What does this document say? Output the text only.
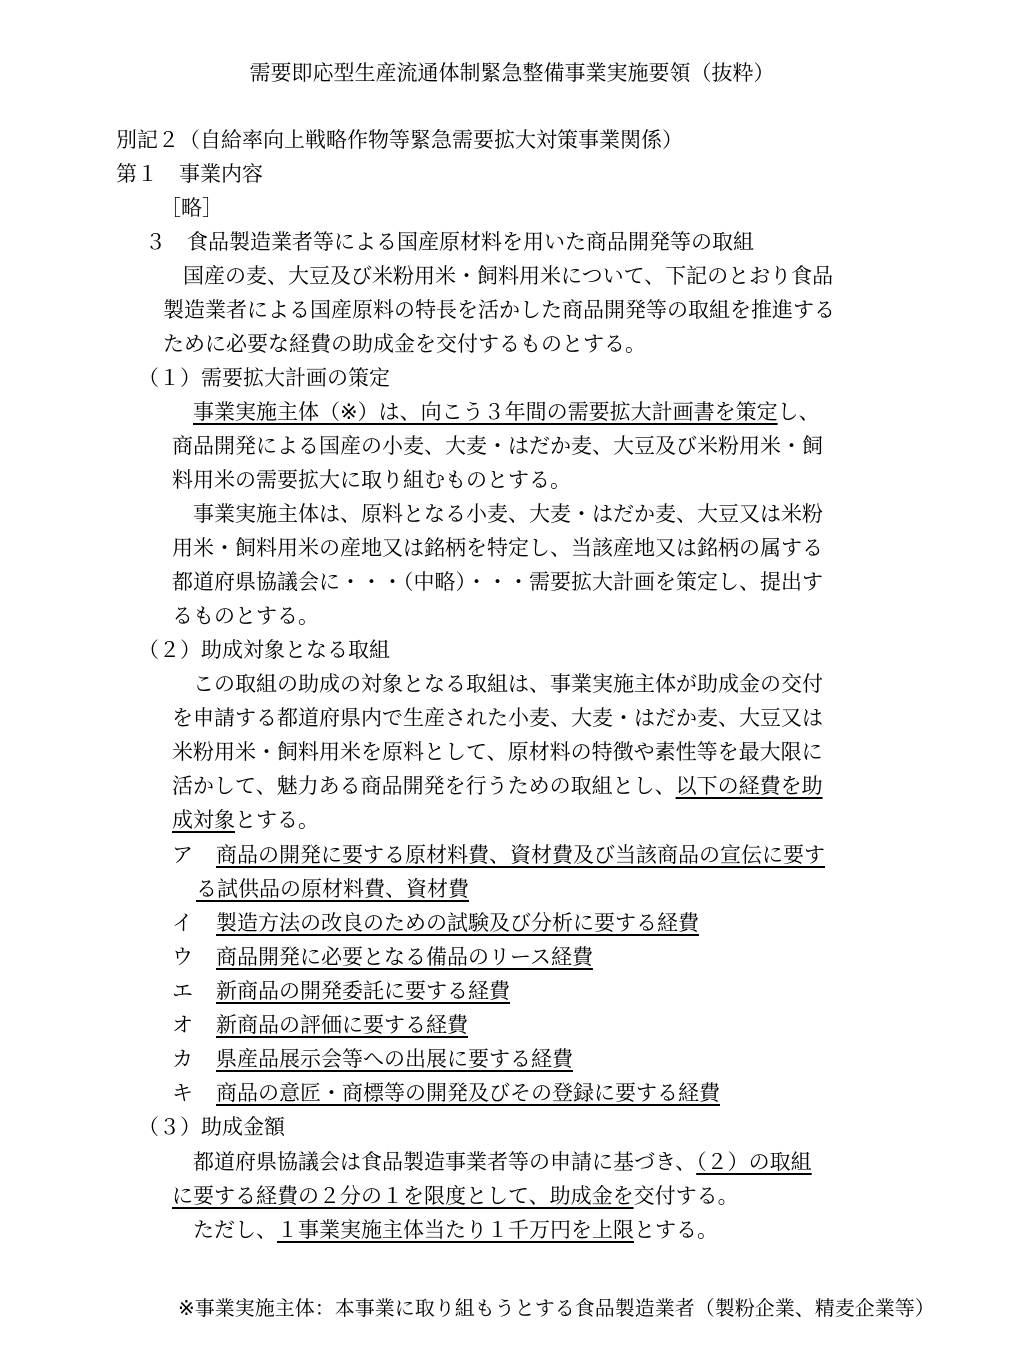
需要即応型生産流通体制緊急整備事業実施要領（抜粋）
別記２（自給率向上戦略作物等緊急需要拡大対策事業関係）
第１　事業内容
［略］
３　食品製造業者等による国産原材料を用いた商品開発等の取組
国産の麦、大豆及び米粉用米・飼料用米について、下記のとおり食品
製造業者による国産原料の特長を活かした商品開発等の取組を推進する
ために必要な経費の助成金を交付するものとする。
（１）需要拡大計画の策定
事業実施主体（※）は、向こう３年間の需要拡大計画書を策定し、
商品開発による国産の小麦、大麦・はだか麦、大豆及び米粉用米・飼
料用米の需要拡大に取り組むものとする。
事業実施主体は、原料となる小麦、大麦・はだか麦、大豆又は米粉
用米・飼料用米の産地又は銘柄を特定し、当該産地又は銘柄の属する
都道府県協議会に・・・（中略）・・・需要拡大計画を策定し、提出す
るものとする。
（２）助成対象となる取組
この取組の助成の対象となる取組は、事業実施主体が助成金の交付
を申請する都道府県内で生産された小麦、大麦・はだか麦、大豆又は
米粉用米・飼料用米を原料として、原材料の特徴や素性等を最大限に
活かして、魅力ある商品開発を行うための取組とし、以下の経費を助
成対象とする。
ア 商品の開発に要する原材料費、資材費及び当該商品の宣伝に要す
る試供品の原材料費、資材費
イ 製造方法の改良のための試験及び分析に要する経費
ウ 商品開発に必要となる備品のリース経費
エ 新商品の開発委託に要する経費
オ 新商品の評価に要する経費
カ 県産品展示会等への出展に要する経費
キ 商品の意匠・商標等の開発及びその登録に要する経費
（３）助成金額
都道府県協議会は食品製造事業者等の申請に基づき、（２）の取組
に要する経費の２分の１を限度として、助成金を交付する。
ただし、１事業実施主体当たり１千万円を上限とする。
※事業実施主体：本事業に取り組もうとする食品製造業者（製粉企業、精麦企業等）
